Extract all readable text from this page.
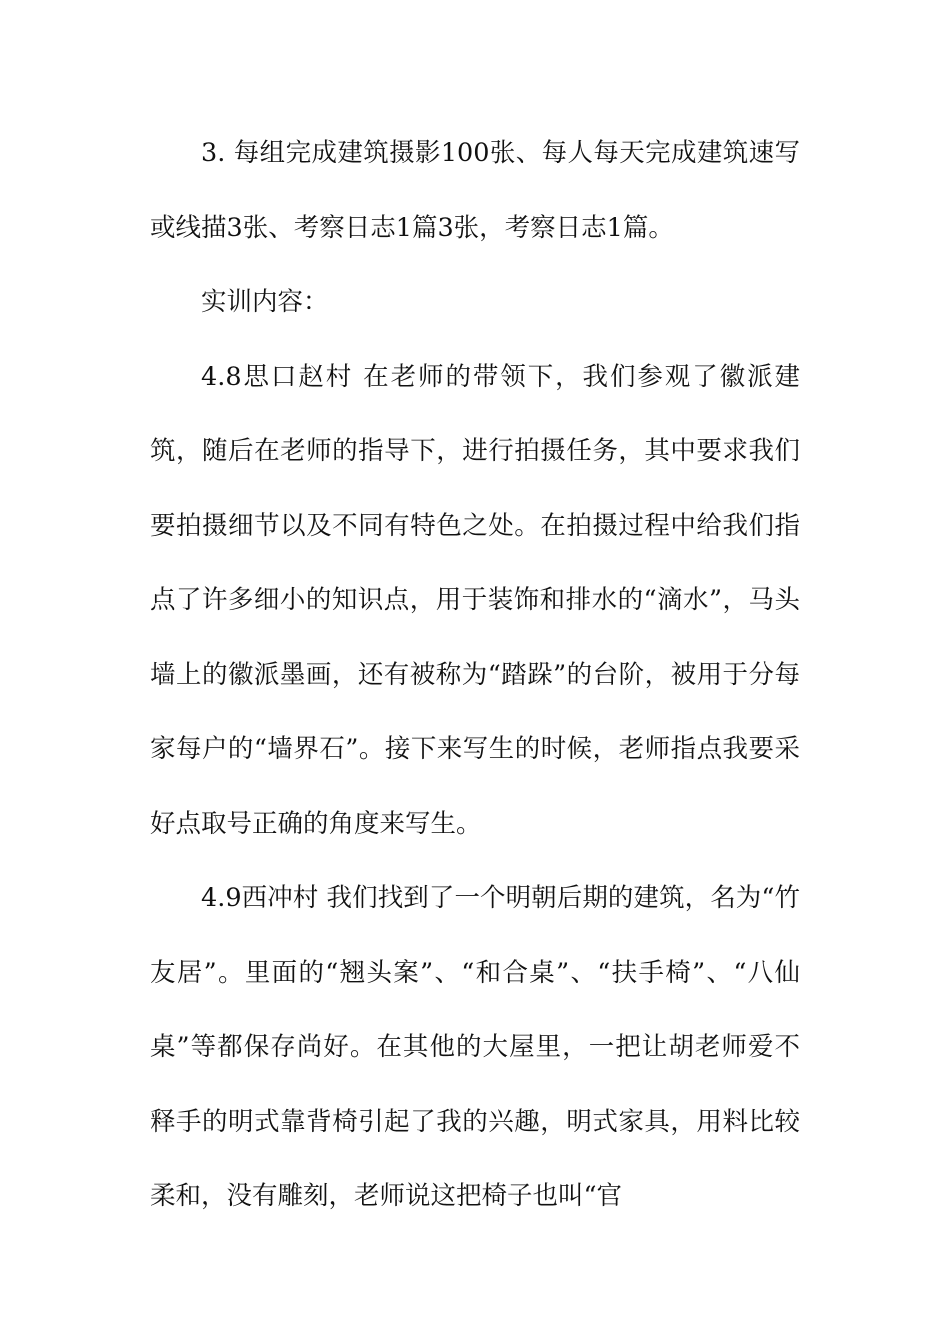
3. 每组完成建筑摄影100张、每人每天完成建筑速写或线描3张、考察日志1篇3张，考察日志1篇。

实训内容：

4.8思口赵村 在老师的带领下，我们参观了徽派建筑，随后在老师的指导下，进行拍摄任务，其中要求我们要拍摄细节以及不同有特色之处。在拍摄过程中给我们指点了许多细小的知识点，用于装饰和排水的“滴水”，马头墙上的徽派墨画，还有被称为“踏跺”的台阶，被用于分每家每户的“墙界石”。接下来写生的时候，老师指点我要采好点取号正确的角度来写生。

4.9西冲村 我们找到了一个明朝后期的建筑，名为“竹友居”。里面的“翘头案”、“和合桌”、“扶手椅”、“八仙桌”等都保存尚好。在其他的大屋里，一把让胡老师爱不释手的明式靠背椅引起了我的兴趣，明式家具，用料比较柔和，没有雕刻，老师说这把椅子也叫“官
